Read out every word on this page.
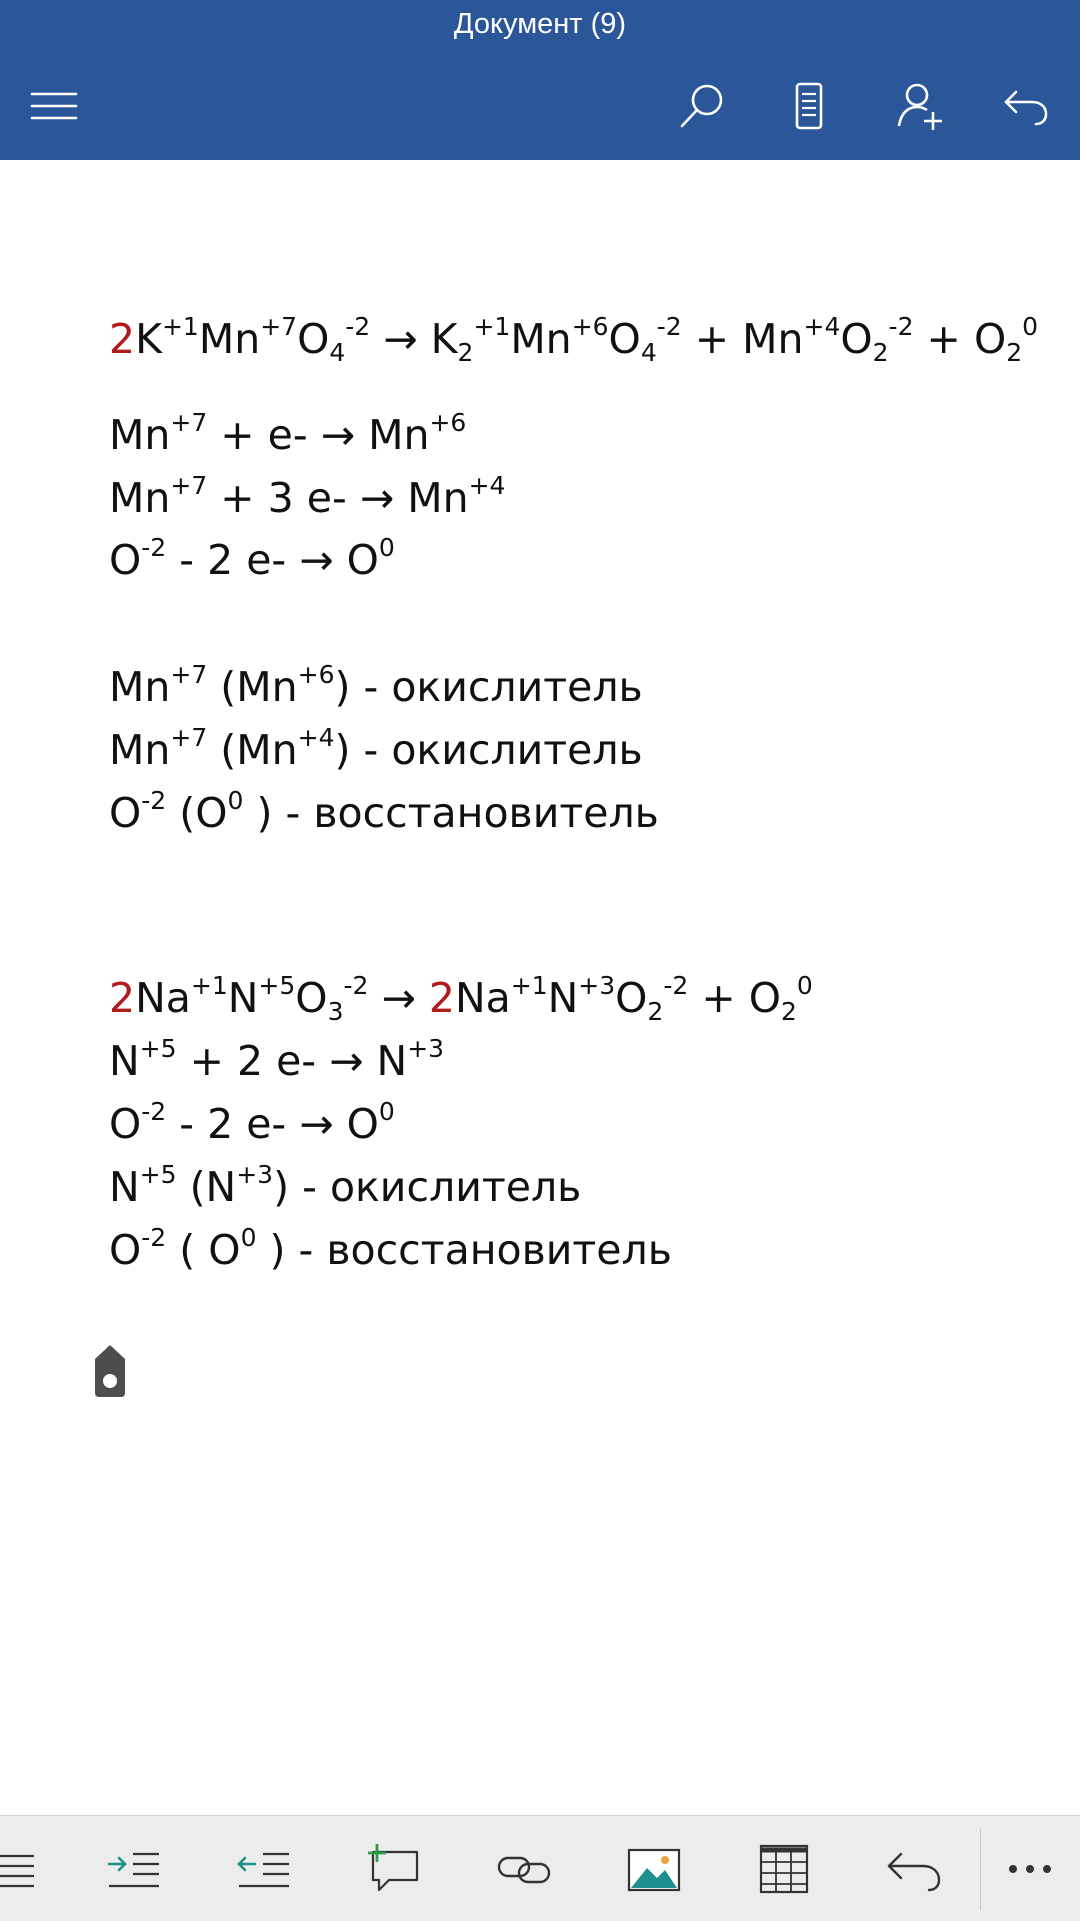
Документ (9)
$2K^{+1}Mn^{+7}O_4^{-2} \to K_2^{+1}Mn^{+6}O_4^{-2} + Mn^{+4}O_2^{-2} + O_2^0$
$Mn^{+7} + e- \to Mn^{+6}$
$Mn^{+7} + 3$ $e- \to Mn^{+4}$
$O^{-2} - 2$ $e- \to O^0$
$Mn^{+7}$ $(Mn^{+6})$ - окислитель
$Mn^{+7}$ $(Mn^{+4})$ - окислитель
$O^{-2}$ ($O^0$ ) - восстановитель
$2Na^{+1}N^{+5}O_3^{-2} \to 2Na^{+1}N^{+3}O_2^{-2} + O_2^0$
$N^{+5} + 2$ $e- \to N^{+3}$
$O^{-2} - 2$ $e- \to O^0$
$N^{+5}$ $(N^{+3})$ - окислитель
$O^{-2}$ ( $O^0$ ) - восстановитель
